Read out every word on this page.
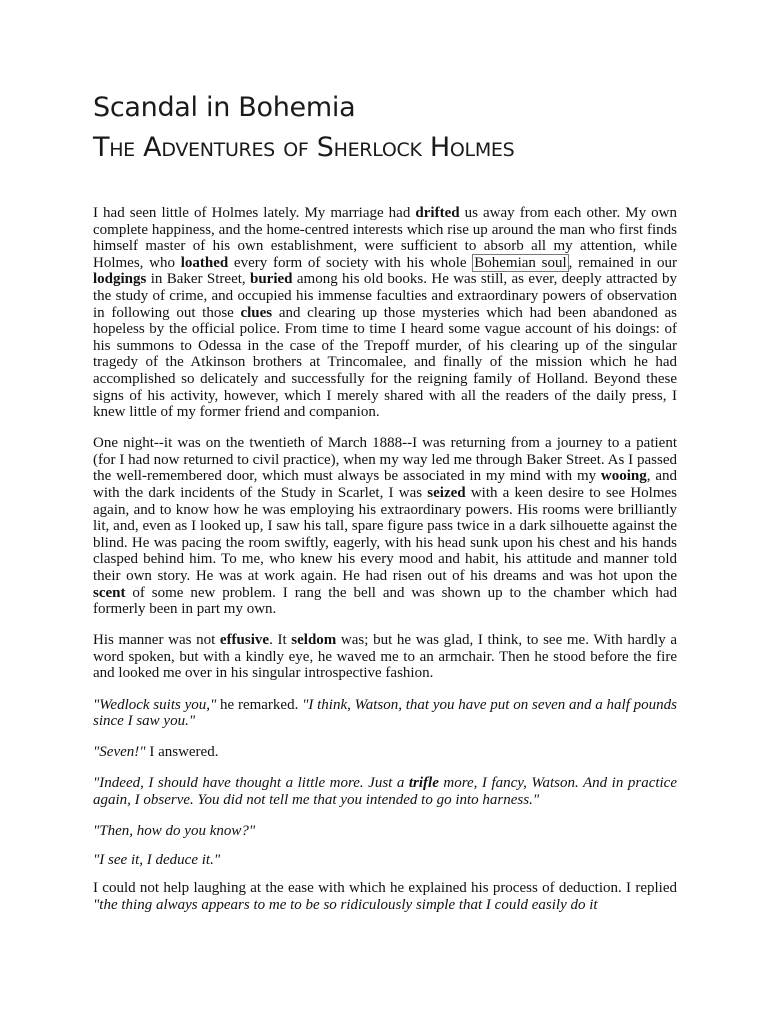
Scandal in Bohemia
The Adventures of Sherlock Holmes

I had seen little of Holmes lately. My marriage had drifted us away from each other. My own complete happiness, and the home-centred interests which rise up around the man who first finds himself master of his own establishment, were sufficient to absorb all my attention, while Holmes, who loathed every form of society with his whole Bohemian soul , remained in our lodgings in Baker Street, buried among his old books. He was still, as ever, deeply attracted by the study of crime, and occupied his immense faculties and extraordinary powers of observation in following out those clues and clearing up those mysteries which had been abandoned as hopeless by the official police. From time to time I heard some vague account of his doings: of his summons to Odessa in the case of the Trepoff murder, of his clearing up of the singular tragedy of the Atkinson brothers at Trincomalee, and finally of the mission which he had accomplished so delicately and successfully for the reigning family of Holland. Beyond these signs of his activity, however, which I merely shared with all the readers of the daily press, I knew little of my former friend and companion.

One night--it was on the twentieth of March 1888--I was returning from a journey to a patient (for I had now returned to civil practice), when my way led me through Baker Street. As I passed the well-remembered door, which must always be associated in my mind with my wooing, and with the dark incidents of the Study in Scarlet, I was seized with a keen desire to see Holmes again, and to know how he was employing his extraordinary powers. His rooms were brilliantly lit, and, even as I looked up, I saw his tall, spare figure pass twice in a dark silhouette against the blind. He was pacing the room swiftly, eagerly, with his head sunk upon his chest and his hands clasped behind him. To me, who knew his every mood and habit, his attitude and manner told their own story. He was at work again. He had risen out of his dreams and was hot upon the scent of some new problem. I rang the bell and was shown up to the chamber which had formerly been in part my own.

His manner was not effusive. It seldom was; but he was glad, I think, to see me. With hardly a word spoken, but with a kindly eye, he waved me to an armchair. Then he stood before the fire and looked me over in his singular introspective fashion.

"Wedlock suits you," he remarked. "I think, Watson, that you have put on seven and a half pounds since I saw you."

"Seven!" I answered.

"Indeed, I should have thought a little more. Just a trifle more, I fancy, Watson. And in practice again, I observe. You did not tell me that you intended to go into harness."

"Then, how do you know?"

"I see it, I deduce it."

I could not help laughing at the ease with which he explained his process of deduction. I replied "the thing always appears to me to be so ridiculously simple that I could easily do it
